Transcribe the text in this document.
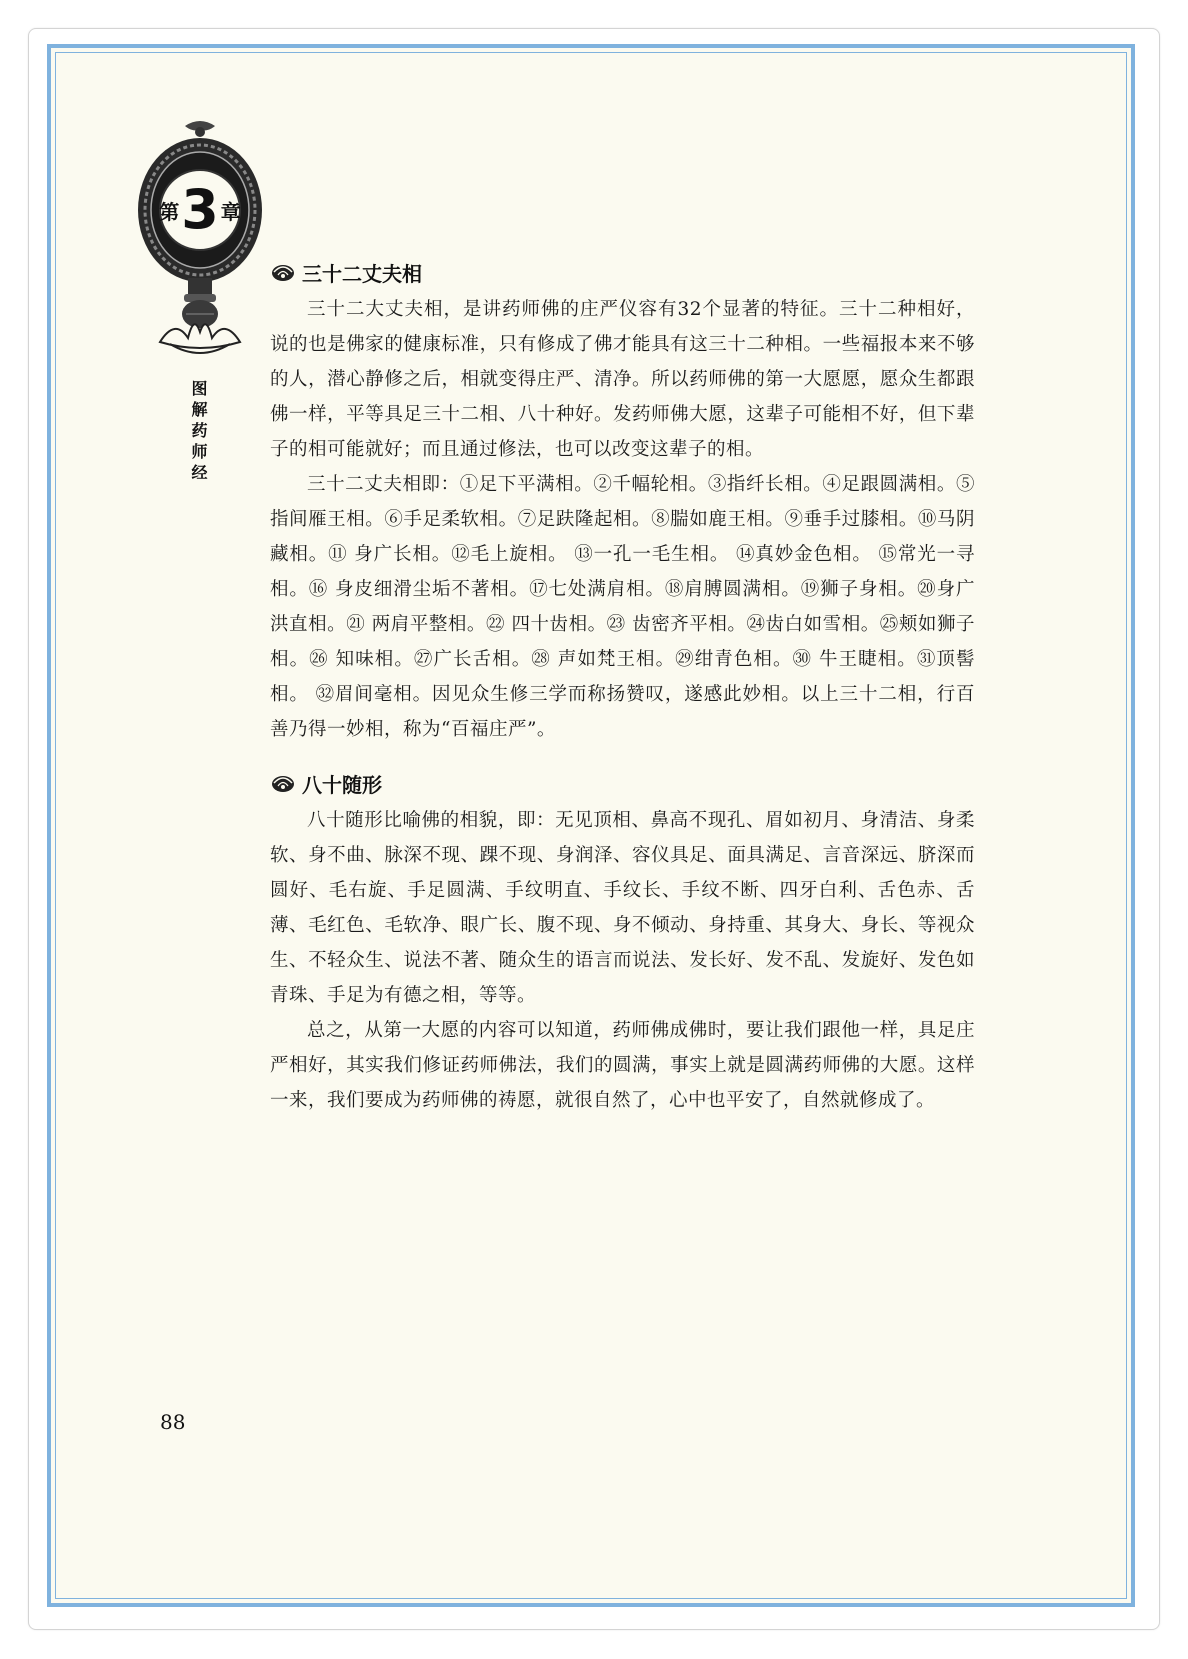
第 3 章
图解药师经
三十二丈夫相

三十二大丈夫相，是讲药师佛的庄严仪容有32个显著的特征。三十二种相好，说的也是佛家的健康标准，只有修成了佛才能具有这三十二种相。一些福报本来不够的人，潜心静修之后，相就变得庄严、清净。所以药师佛的第一大愿愿，愿众生都跟佛一样，平等具足三十二相、八十种好。发药师佛大愿，这辈子可能相不好，但下辈子的相可能就好；而且通过修法，也可以改变这辈子的相。

三十二丈夫相即：①足下平满相。②千幅轮相。③指纤长相。④足跟圆满相。⑤指间雁王相。⑥手足柔软相。⑦足趺隆起相。⑧腨如鹿王相。⑨垂手过膝相。⑩马阴藏相。⑪ 身广长相。⑫毛上旋相。 ⑬一孔一毛生相。 ⑭真妙金色相。 ⑮常光一寻相。⑯ 身皮细滑尘垢不著相。⑰七处满肩相。⑱肩膊圆满相。⑲狮子身相。⑳身广洪直相。㉑ 两肩平整相。㉒ 四十齿相。㉓ 齿密齐平相。㉔齿白如雪相。㉕颊如狮子相。㉖ 知味相。㉗广长舌相。㉘ 声如梵王相。㉙绀青色相。㉚ 牛王睫相。㉛顶髻相。 ㉜眉间毫相。因见众生修三学而称扬赞叹，遂感此妙相。以上三十二相，行百善乃得一妙相，称为“百福庄严”。

八十随形

八十随形比喻佛的相貌，即：无见顶相、鼻高不现孔、眉如初月、身清洁、身柔软、身不曲、脉深不现、踝不现、身润泽、容仪具足、面具满足、言音深远、脐深而圆好、毛右旋、手足圆满、手纹明直、手纹长、手纹不断、四牙白利、舌色赤、舌薄、毛红色、毛软净、眼广长、腹不现、身不倾动、身持重、其身大、身长、等视众生、不轻众生、说法不著、随众生的语言而说法、发长好、发不乱、发旋好、发色如青珠、手足为有德之相，等等。

总之，从第一大愿的内容可以知道，药师佛成佛时，要让我们跟他一样，具足庄严相好，其实我们修证药师佛法，我们的圆满，事实上就是圆满药师佛的大愿。这样一来，我们要成为药师佛的祷愿，就很自然了，心中也平安了，自然就修成了。

88
